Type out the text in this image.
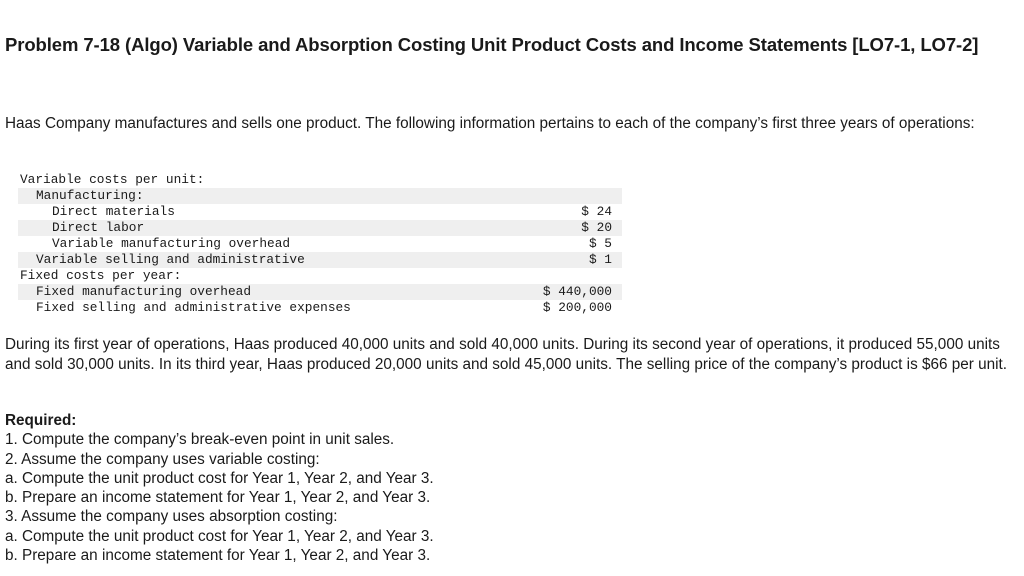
Problem 7-18 (Algo) Variable and Absorption Costing Unit Product Costs and Income Statements [LO7-1, LO7-2]

Haas Company manufactures and sells one product. The following information pertains to each of the company’s first three years of operations:

Variable costs per unit:	
Manufacturing:	
Direct materials	$ 24
Direct labor	$ 20
Variable manufacturing overhead	$ 5
Variable selling and administrative	$ 1
Fixed costs per year:	
Fixed manufacturing overhead	$ 440,000
Fixed selling and administrative expenses	$ 200,000

During its first year of operations, Haas produced 40,000 units and sold 40,000 units. During its second year of operations, it produced 55,000 units and sold 30,000 units. In its third year, Haas produced 20,000 units and sold 45,000 units. The selling price of the company’s product is $66 per unit.

Required:
1. Compute the company’s break-even point in unit sales.
2. Assume the company uses variable costing:
a. Compute the unit product cost for Year 1, Year 2, and Year 3.
b. Prepare an income statement for Year 1, Year 2, and Year 3.
3. Assume the company uses absorption costing:
a. Compute the unit product cost for Year 1, Year 2, and Year 3.
b. Prepare an income statement for Year 1, Year 2, and Year 3.
